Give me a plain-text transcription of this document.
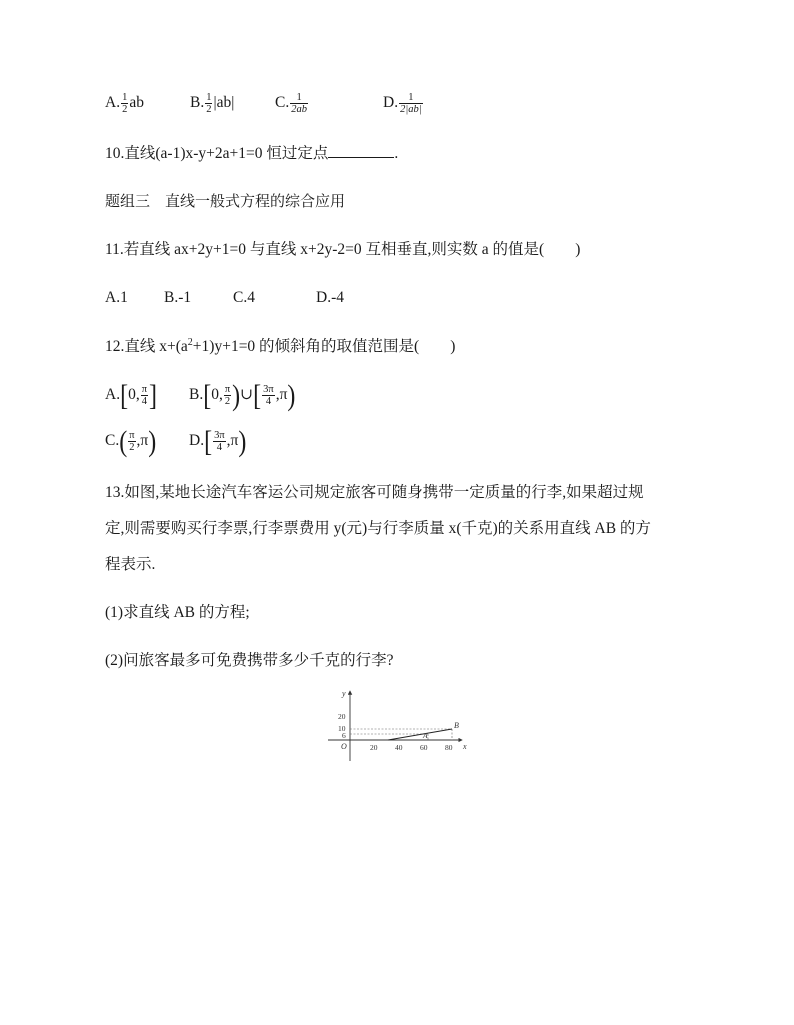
A. $\frac{1}{2}$ ab	B. $\frac{1}{2} |ab|$	C. $\frac{1}{2ab}$	D. $\frac{1}{2|ab|}$
10.直线(a-1)x-y+2a+1=0 恒过定点	.
题组三　直线一般式方程的综合应用
11.若直线 ax+2y+1=0 与直线 x+2y-2=0 互相垂直,则实数 a 的值是(　　)
A.1 B.-1	C.4	D.-4
12.直线 $x+(a^2+1)y+1=0$ 的倾斜角的取值范围是(　　)
A.[0, $\frac{\pi}{4}$ ] B.[0, $\frac{\pi}{2}$ )∪[ $\frac{3\pi}{4} ,\pi$)
$C.( \frac{\pi}{2} ,\pi)$ $D.[ \frac{3\pi}{4} ,\pi)$
13.如图,某地长途汽车客运公司规定旅客可随身携带一定质量的行李,如果超过规
定,则需要购买行李票,行李票费用 y(元)与行李质量 x(千克)的关系用直线 AB 的方
程表示.
(1)求直线 AB 的方程;
(2)问旅客最多可免费携带多少千克的行李?
y
x
O
20
10
6
20 40 60 80
A
B
